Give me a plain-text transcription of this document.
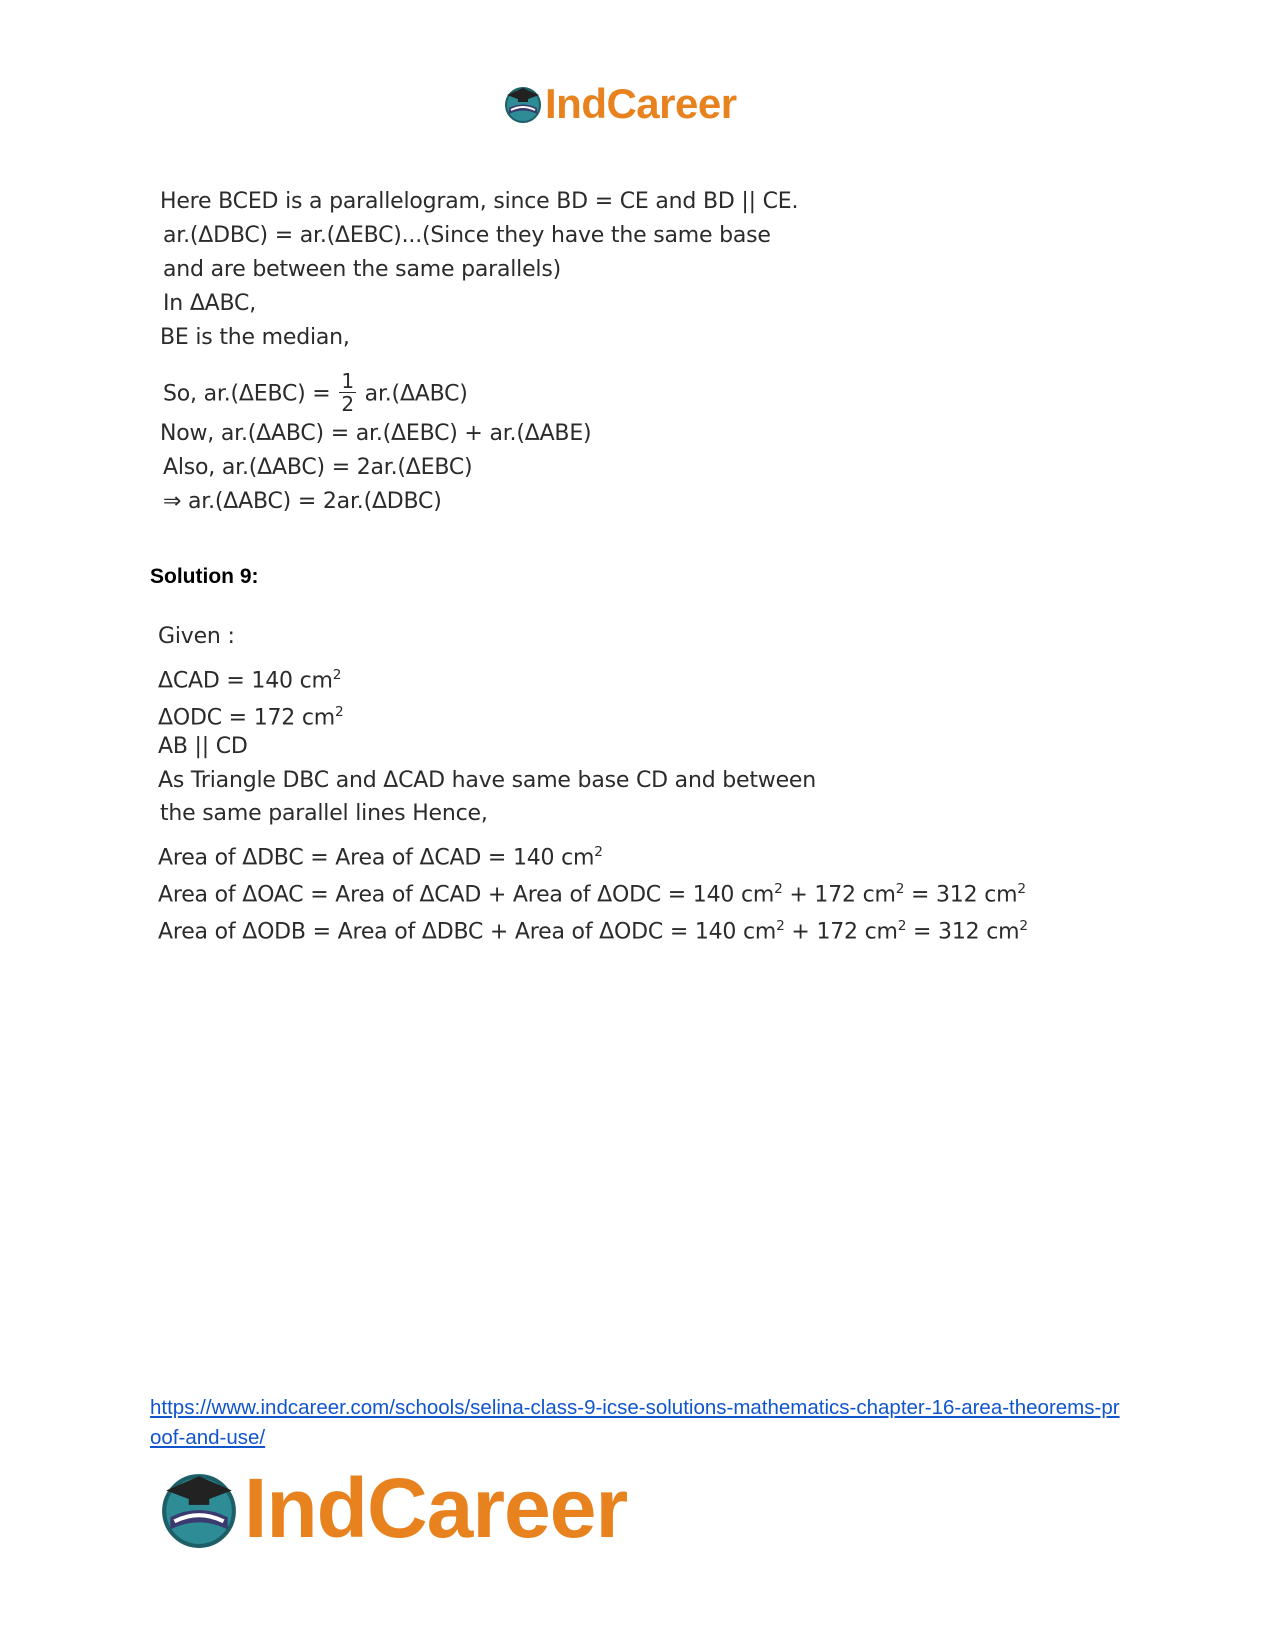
IndCareer
Here BCED is a parallelogram, since BD = CE and BD || CE.
ar.(ΔDBC) = ar.(ΔEBC)...(Since they have the same base
and are between the same parallels)
In ΔABC,
BE is the median,
So, $ar.(\Delta EBC) = \frac{1}{2} ar.(\Delta ABC)$
Now, ar.(ΔABC) = ar.(ΔEBC) + ar.(ΔABE)
Also, ar.(ΔABC) = 2ar.(ΔEBC)
⇒ ar.(ΔABC) = 2ar.(ΔDBC)
Solution 9:
Given :
ΔCAD = 140 $cm^2$
ΔODC = 172 $cm^2$
AB || CD
As Triangle DBC and ΔCAD have same base CD and between
the same parallel lines Hence,
Area of ΔDBC = Area of ΔCAD = 140 $cm^2$
Area of ΔOAC = Area of ΔCAD + Area of ΔODC = 140 $cm^2 + 172$ $cm^2 = 312$ $cm^2$
Area of ΔODB = Area of ΔDBC + Area of ΔODC = 140 $cm^2 + 172$ $cm^2 = 312$ $cm^2$
https://www.indcareer.com/schools/selina-class-9-icse-solutions-mathematics-chapter-16-area-theorems-proof-and-use/
IndCareer
